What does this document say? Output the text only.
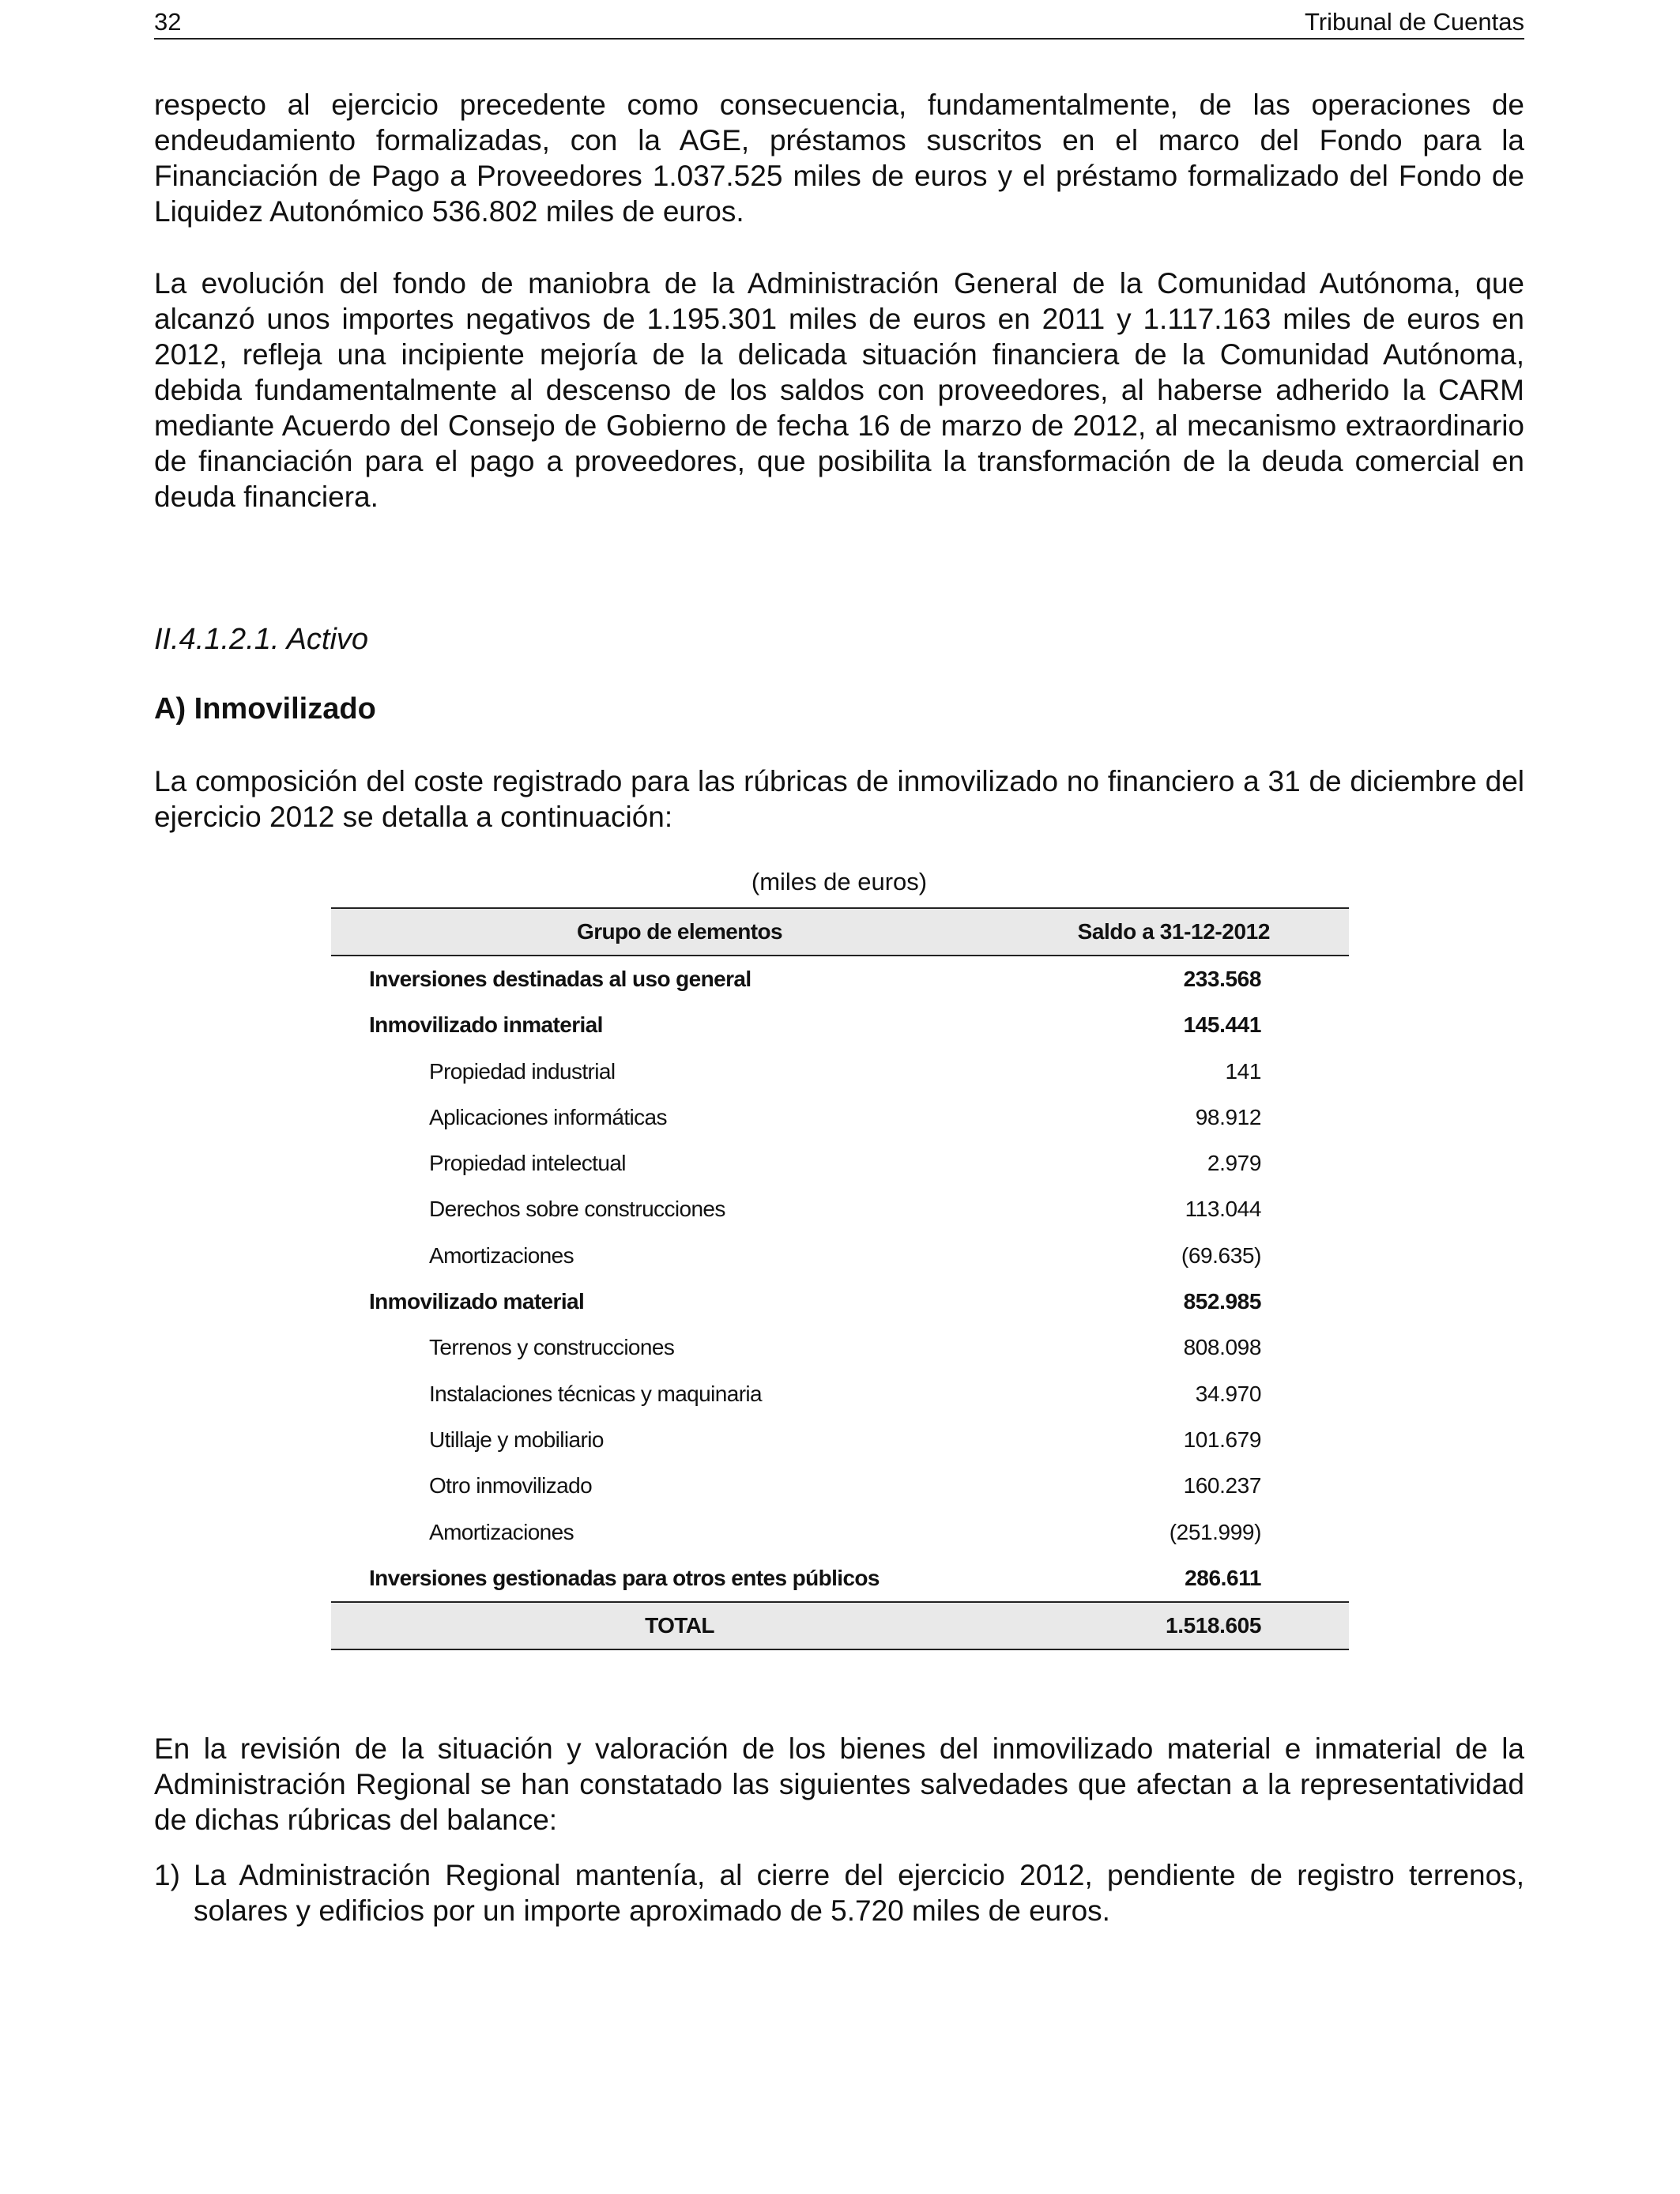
32	Tribunal de Cuentas

respecto al ejercicio precedente como consecuencia, fundamentalmente, de las operaciones de endeudamiento formalizadas, con la AGE, préstamos suscritos en el marco del Fondo para la Financiación de Pago a Proveedores 1.037.525 miles de euros y el préstamo formalizado del Fondo de Liquidez Autonómico 536.802 miles de euros.

La evolución del fondo de maniobra de la Administración General de la Comunidad Autónoma, que alcanzó unos importes negativos de 1.195.301 miles de euros en 2011 y 1.117.163 miles de euros en 2012, refleja una incipiente mejoría de la delicada situación financiera de la Comunidad Autónoma, debida fundamentalmente al descenso de los saldos con proveedores, al haberse adherido la CARM mediante Acuerdo del Consejo de Gobierno de fecha 16 de marzo de 2012, al mecanismo extraordinario de financiación para el pago a proveedores, que posibilita la transformación de la deuda comercial en deuda financiera.

II.4.1.2.1. Activo
A) Inmovilizado

La composición del coste registrado para las rúbricas de inmovilizado no financiero a 31 de diciembre del ejercicio 2012 se detalla a continuación:

(miles de euros)
Grupo de elementos	Saldo a 31-12-2012
Inversiones destinadas al uso general	233.568
Inmovilizado inmaterial	145.441
Propiedad industrial	141
Aplicaciones informáticas	98.912
Propiedad intelectual	2.979
Derechos sobre construcciones	113.044
Amortizaciones	(69.635)
Inmovilizado material	852.985
Terrenos y construcciones	808.098
Instalaciones técnicas y maquinaria	34.970
Utillaje y mobiliario	101.679
Otro inmovilizado	160.237
Amortizaciones	(251.999)
Inversiones gestionadas para otros entes públicos	286.611
TOTAL	1.518.605

En la revisión de la situación y valoración de los bienes del inmovilizado material e inmaterial de la Administración Regional se han constatado las siguientes salvedades que afectan a la representatividad de dichas rúbricas del balance:

1) La Administración Regional mantenía, al cierre del ejercicio 2012, pendiente de registro terrenos, solares y edificios por un importe aproximado de 5.720 miles de euros.
